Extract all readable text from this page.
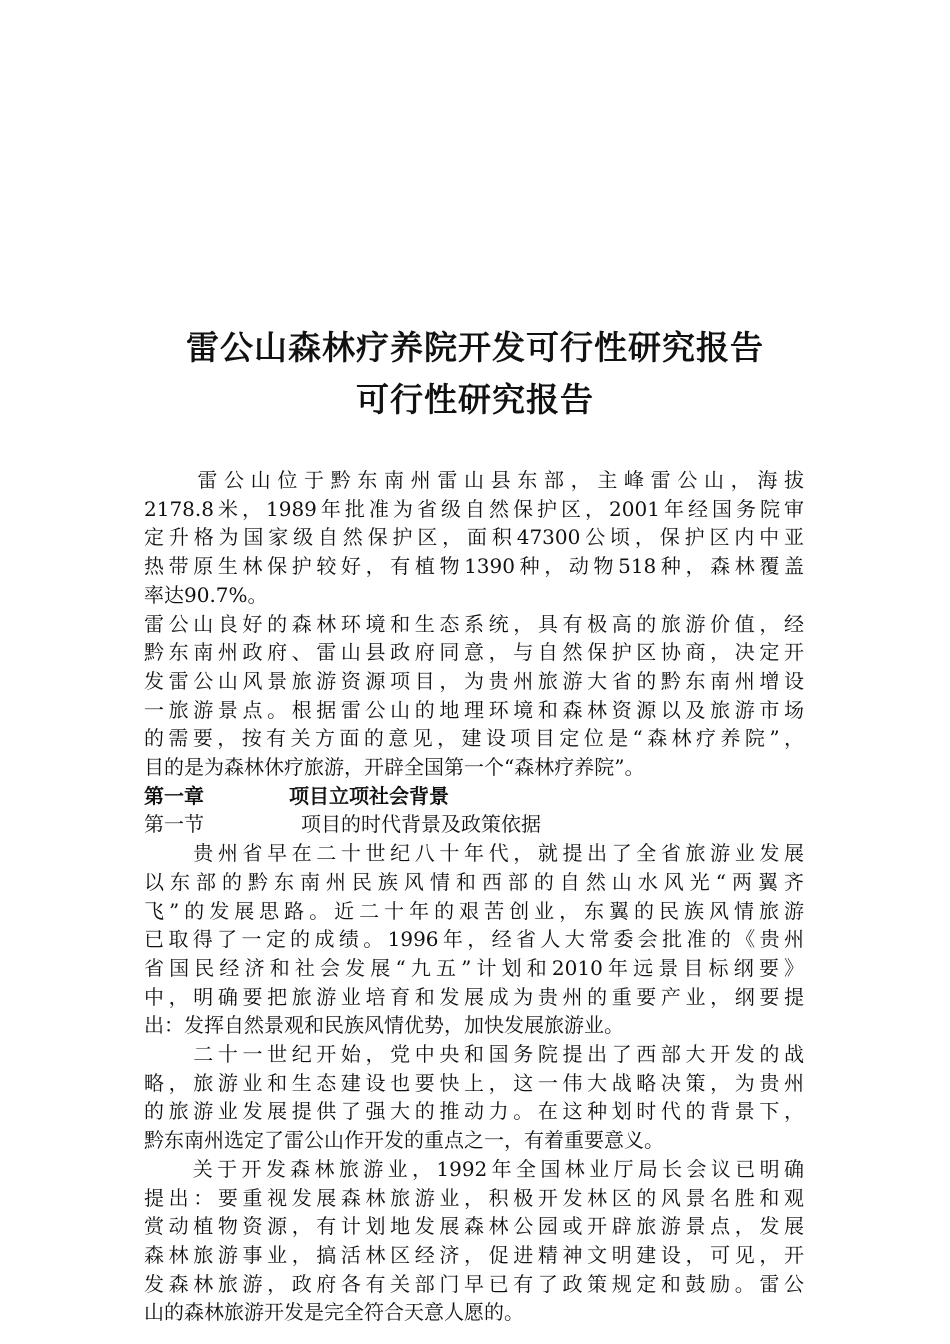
雷公山森林疗养院开发可行性研究报告
可行性研究报告
　　雷公山位于黔东南州雷山县东部，主峰雷公山，海拔
2178.8米，1989年批准为省级自然保护区，2001年经国务院审
定升格为国家级自然保护区，面积47300公顷，保护区内中亚
热带原生林保护较好，有植物1390种，动物518种，森林覆盖
率达90.7%。
雷公山良好的森林环境和生态系统，具有极高的旅游价值，经
黔东南州政府、雷山县政府同意，与自然保护区协商，决定开
发雷公山风景旅游资源项目，为贵州旅游大省的黔东南州增设
一旅游景点。根据雷公山的地理环境和森林资源以及旅游市场
的需要，按有关方面的意见，建设项目定位是“森林疗养院”，
目的是为森林休疗旅游，开辟全国第一个“森林疗养院”。
第一章	项目立项社会背景
第一节	项目的时代背景及政策依据
　　贵州省早在二十世纪八十年代，就提出了全省旅游业发展
以东部的黔东南州民族风情和西部的自然山水风光“两翼齐
飞”的发展思路。近二十年的艰苦创业，东翼的民族风情旅游
已取得了一定的成绩。1996年，经省人大常委会批准的《贵州
省国民经济和社会发展“九五”计划和2010年远景目标纲要》
中，明确要把旅游业培育和发展成为贵州的重要产业，纲要提
出：发挥自然景观和民族风情优势，加快发展旅游业。
　　二十一世纪开始，党中央和国务院提出了西部大开发的战
略，旅游业和生态建设也要快上，这一伟大战略决策，为贵州
的旅游业发展提供了强大的推动力。在这种划时代的背景下，
黔东南州选定了雷公山作开发的重点之一，有着重要意义。
　　关于开发森林旅游业，1992年全国林业厅局长会议已明确
提出：要重视发展森林旅游业，积极开发林区的风景名胜和观
赏动植物资源，有计划地发展森林公园或开辟旅游景点，发展
森林旅游事业，搞活林区经济，促进精神文明建设，可见，开
发森林旅游，政府各有关部门早已有了政策规定和鼓励。雷公
山的森林旅游开发是完全符合天意人愿的。
